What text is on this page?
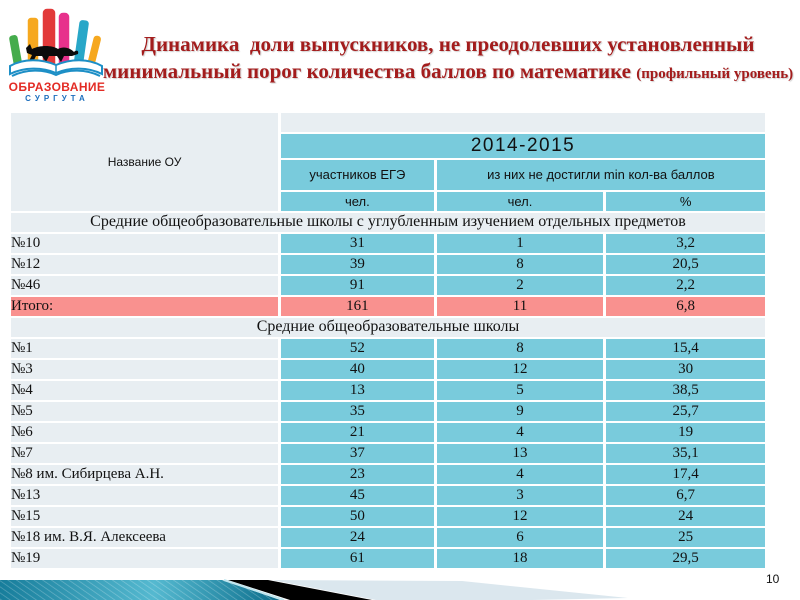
ОБРАЗОВАНИЕ
СУРГУТА
Динамика  доли выпускников, не преодолевших установленный
минимальный порог количества баллов по математике (профильный уровень)
Название ОУ			
	2014-2015		
	участников ЕГЭ	из них не достигли min кол-ва баллов	
	чел.	чел.	%
Средние общеобразовательные школы с углубленным изучением отдельных предметов			
№10	31	1	3,2
№12	39	8	20,5
№46	91	2	2,2
Итого:	161	11	6,8
Средние общеобразовательные школы			
№1	52	8	15,4
№3	40	12	30
№4	13	5	38,5
№5	35	9	25,7
№6	21	4	19
№7	37	13	35,1
№8 им. Сибирцева А.Н.	23	4	17,4
№13	45	3	6,7
№15	50	12	24
№18 им. В.Я. Алексеева	24	6	25
№19	61	18	29,5
10
